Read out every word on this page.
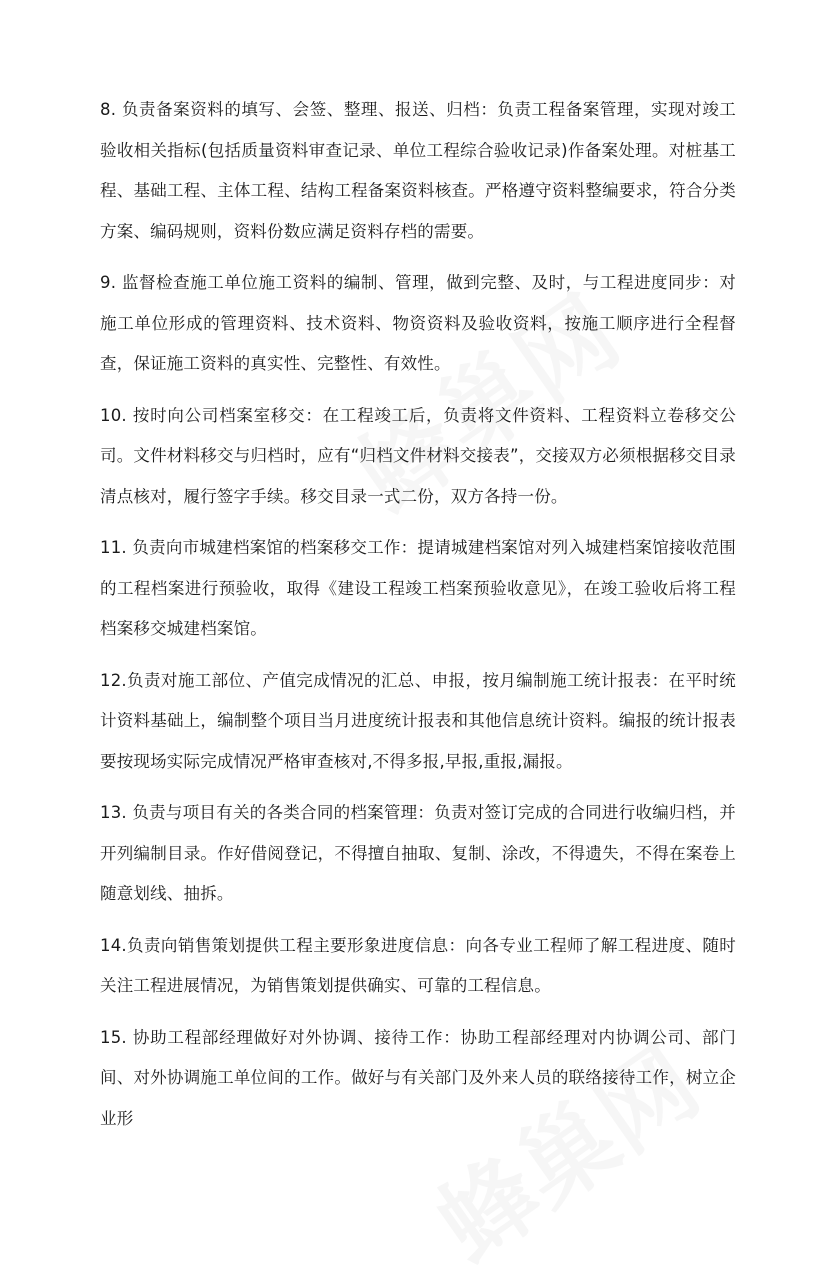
8. 负责备案资料的填写、会签、整理、报送、归档：负责工程备案管理，实现对竣工验收相关指标(包括质量资料审查记录、单位工程综合验收记录)作备案处理。对桩基工程、基础工程、主体工程、结构工程备案资料核查。严格遵守资料整编要求，符合分类方案、编码规则，资料份数应满足资料存档的需要。

9. 监督检查施工单位施工资料的编制、管理，做到完整、及时，与工程进度同步：对施工单位形成的管理资料、技术资料、物资资料及验收资料，按施工顺序进行全程督查，保证施工资料的真实性、完整性、有效性。

10. 按时向公司档案室移交：在工程竣工后，负责将文件资料、工程资料立卷移交公司。文件材料移交与归档时，应有“归档文件材料交接表”，交接双方必须根据移交目录清点核对，履行签字手续。移交目录一式二份，双方各持一份。

11. 负责向市城建档案馆的档案移交工作：提请城建档案馆对列入城建档案馆接收范围的工程档案进行预验收，取得《建设工程竣工档案预验收意见》，在竣工验收后将工程档案移交城建档案馆。

12.负责对施工部位、产值完成情况的汇总、申报，按月编制施工统计报表：在平时统计资料基础上，编制整个项目当月进度统计报表和其他信息统计资料。编报的统计报表要按现场实际完成情况严格审查核对,不得多报,早报,重报,漏报。

13. 负责与项目有关的各类合同的档案管理：负责对签订完成的合同进行收编归档，并开列编制目录。作好借阅登记，不得擅自抽取、复制、涂改，不得遗失，不得在案卷上随意划线、抽拆。

14.负责向销售策划提供工程主要形象进度信息：向各专业工程师了解工程进度、随时关注工程进展情况，为销售策划提供确实、可靠的工程信息。

15. 协助工程部经理做好对外协调、接待工作：协助工程部经理对内协调公司、部门间、对外协调施工单位间的工作。做好与有关部门及外来人员的联络接待工作，树立企业形
